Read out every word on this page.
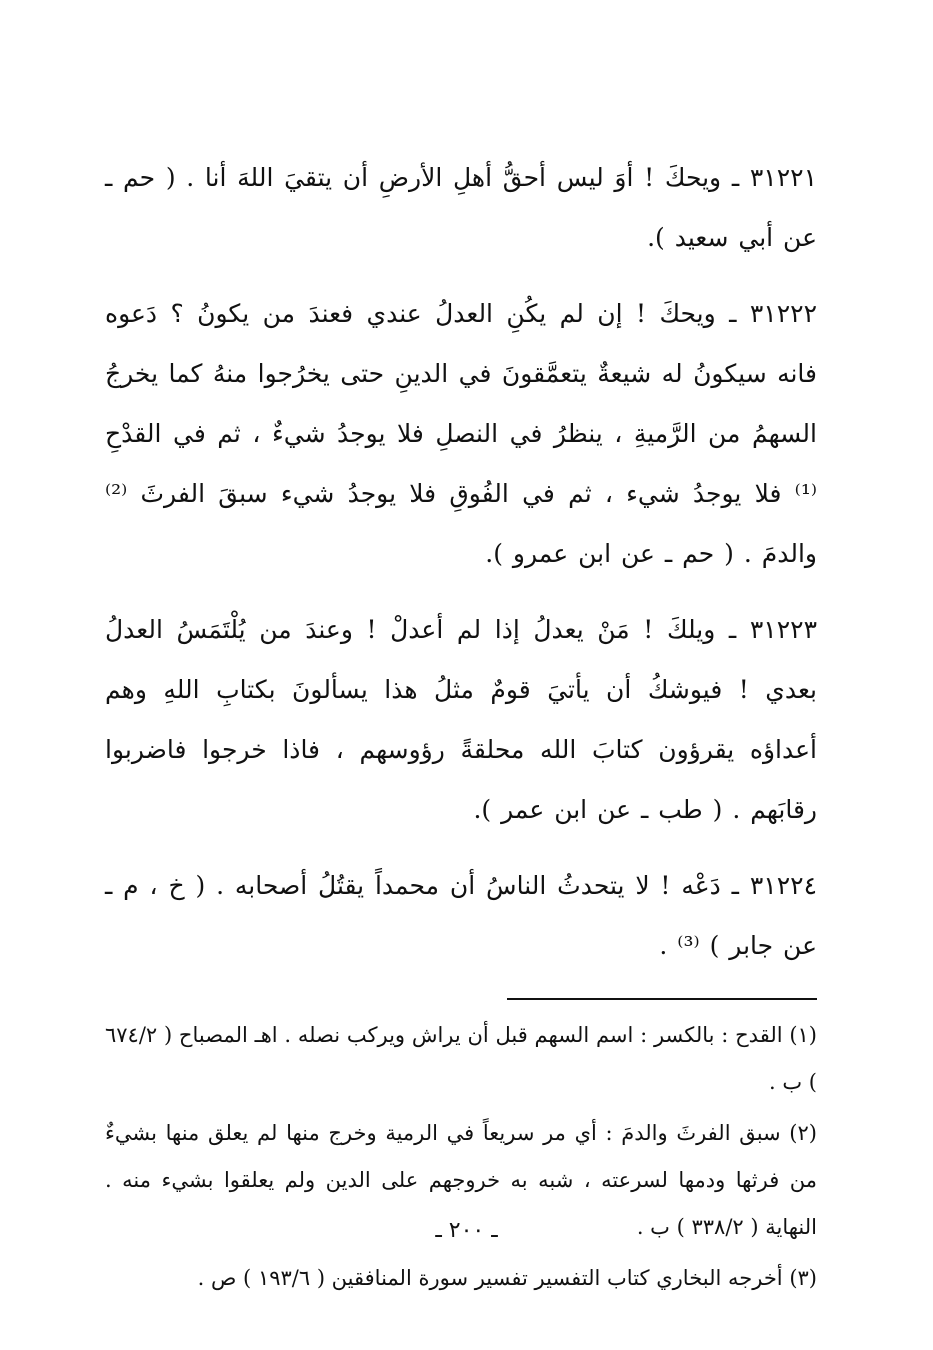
٣١٢٢١ ـ ويحكَ ! أوَ ليس أحقُّ أهلِ الأرضِ أن يتقيَ اللهَ أنا . ( حم ـ عن أبي سعيد ).

٣١٢٢٢ ـ ويحكَ ! إن لم يكُنِ العدلُ عندي فعندَ من يكونُ ؟ دَعوه فانه سيكونُ له شيعةٌ يتعمَّقونَ في الدينِ حتى يخرُجوا منهُ كما يخرجُ السهمُ من الرَّميةِ ، ينظرُ في النصلِ فلا يوجدُ شيءٌ ، ثم في القدْحِ ⁽¹⁾ فلا يوجدُ شيء ، ثم في الفُوقِ فلا يوجدُ شيء سبقَ الفرثَ ⁽²⁾ والدمَ . ( حم ـ عن ابن عمرو ).

٣١٢٢٣ ـ ويلكَ ! مَنْ يعدلُ إذا لم أعدلْ ! وعندَ من يُلْتَمَسُ العدلُ بعدي ! فيوشكُ أن يأتيَ قومٌ مثلُ هذا يسألونَ بكتابِ اللهِ وهم أعداؤه يقرؤون كتابَ الله محلقةً رؤوسهم ، فاذا خرجوا فاضربوا رقابَهم . ( طب ـ عن ابن عمر ).

٣١٢٢٤ ـ دَعْه ! لا يتحدثُ الناسُ أن محمداً يقتُلُ أصحابه . ( خ ، م ـ عن جابر ) ⁽³⁾ .

(١) القدح : بالكسر : اسم السهم قبل أن يراش ويركب نصله . اهـ المصباح ( ٦٧٤/٢ ) ب .
(٢) سبق الفرثَ والدمَ : أي مر سريعاً في الرمية وخرج منها لم يعلق منها بشيءٌ من فرثها ودمها لسرعته ، شبه به خروجهم على الدين ولم يعلقوا بشيء منه . النهاية ( ٣٣٨/٢ ) ب .
(٣) أخرجه البخاري كتاب التفسير تفسير سورة المنافقين ( ١٩٣/٦ ) ص .
ـ ٢٠٠ ـ
